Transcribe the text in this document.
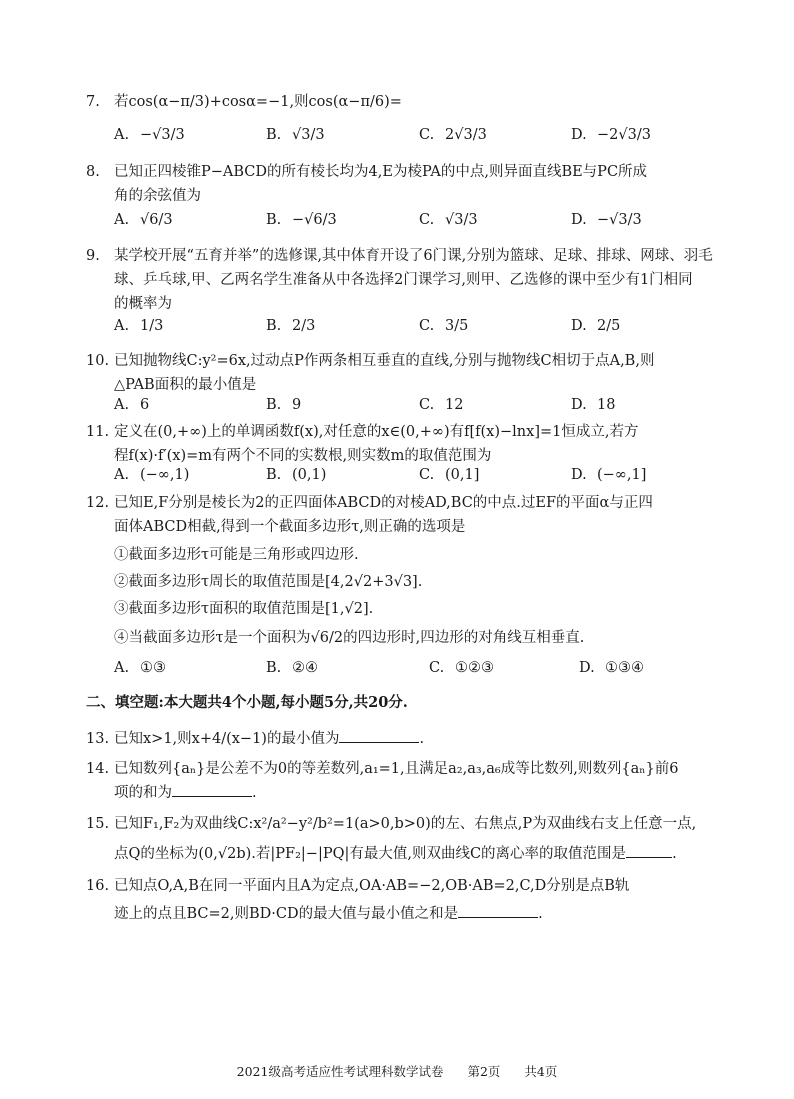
7. 若cos(α−π/3)+cosα=−1,则cos(α−π/6)=
A. −√3/3	B. √3/3	C. 2√3/3	D. −2√3/3
8. 已知正四棱锥P−ABCD的所有棱长均为4,E为棱PA的中点,则异面直线BE与PC所成
角的余弦值为
A. √6/3	B. −√6/3	C. √3/3	D. −√3/3
9. 某学校开展“五育并举”的选修课,其中体育开设了6门课,分别为篮球、足球、排球、网球、羽毛
球、乒乓球,甲、乙两名学生准备从中各选择2门课学习,则甲、乙选修的课中至少有1门相同
的概率为
A. 1/3	B. 2/3	C. 3/5	D. 2/5
10. 已知抛物线C:y²=6x,过动点P作两条相互垂直的直线,分别与抛物线C相切于点A,B,则
△PAB面积的最小值是
A. 6	B. 9	C. 12	D. 18
11. 定义在(0,+∞)上的单调函数f(x),对任意的x∈(0,+∞)有f[f(x)−lnx]=1恒成立,若方
程f(x)·f′(x)=m有两个不同的实数根,则实数m的取值范围为
A. (−∞,1)	B. (0,1)	C. (0,1]	D. (−∞,1]
12. 已知E,F分别是棱长为2的正四面体ABCD的对棱AD,BC的中点.过EF的平面α与正四
面体ABCD相截,得到一个截面多边形τ,则正确的选项是
①截面多边形τ可能是三角形或四边形.
②截面多边形τ周长的取值范围是[4,2√2+3√3].
③截面多边形τ面积的取值范围是[1,√2].
④当截面多边形τ是一个面积为√6/2的四边形时,四边形的对角线互相垂直.
A. ①③	B. ②④	C. ①②③	D. ①③④
二、填空题:本大题共4个小题,每小题5分,共20分.
13. 已知x>1,则x+4/(x−1)的最小值为	.
14. 已知数列{aₙ}是公差不为0的等差数列,a₁=1,且满足a₂,a₃,a₆成等比数列,则数列{aₙ}前6
项的和为	.
15. 已知F₁,F₂为双曲线C:x²/a²−y²/b²=1(a>0,b>0)的左、右焦点,P为双曲线右支上任意一点,
点Q的坐标为(0,√2b).若|PF₂|−|PQ|有最大值,则双曲线C的离心率的取值范围是	.
16. 已知点O,A,B在同一平面内且A为定点,OA·AB=−2,OB·AB=2,C,D分别是点B轨
迹上的点且BC=2,则BD·CD的最大值与最小值之和是	.
2021级高考适应性考试理科数学试卷 第2页 共4页
